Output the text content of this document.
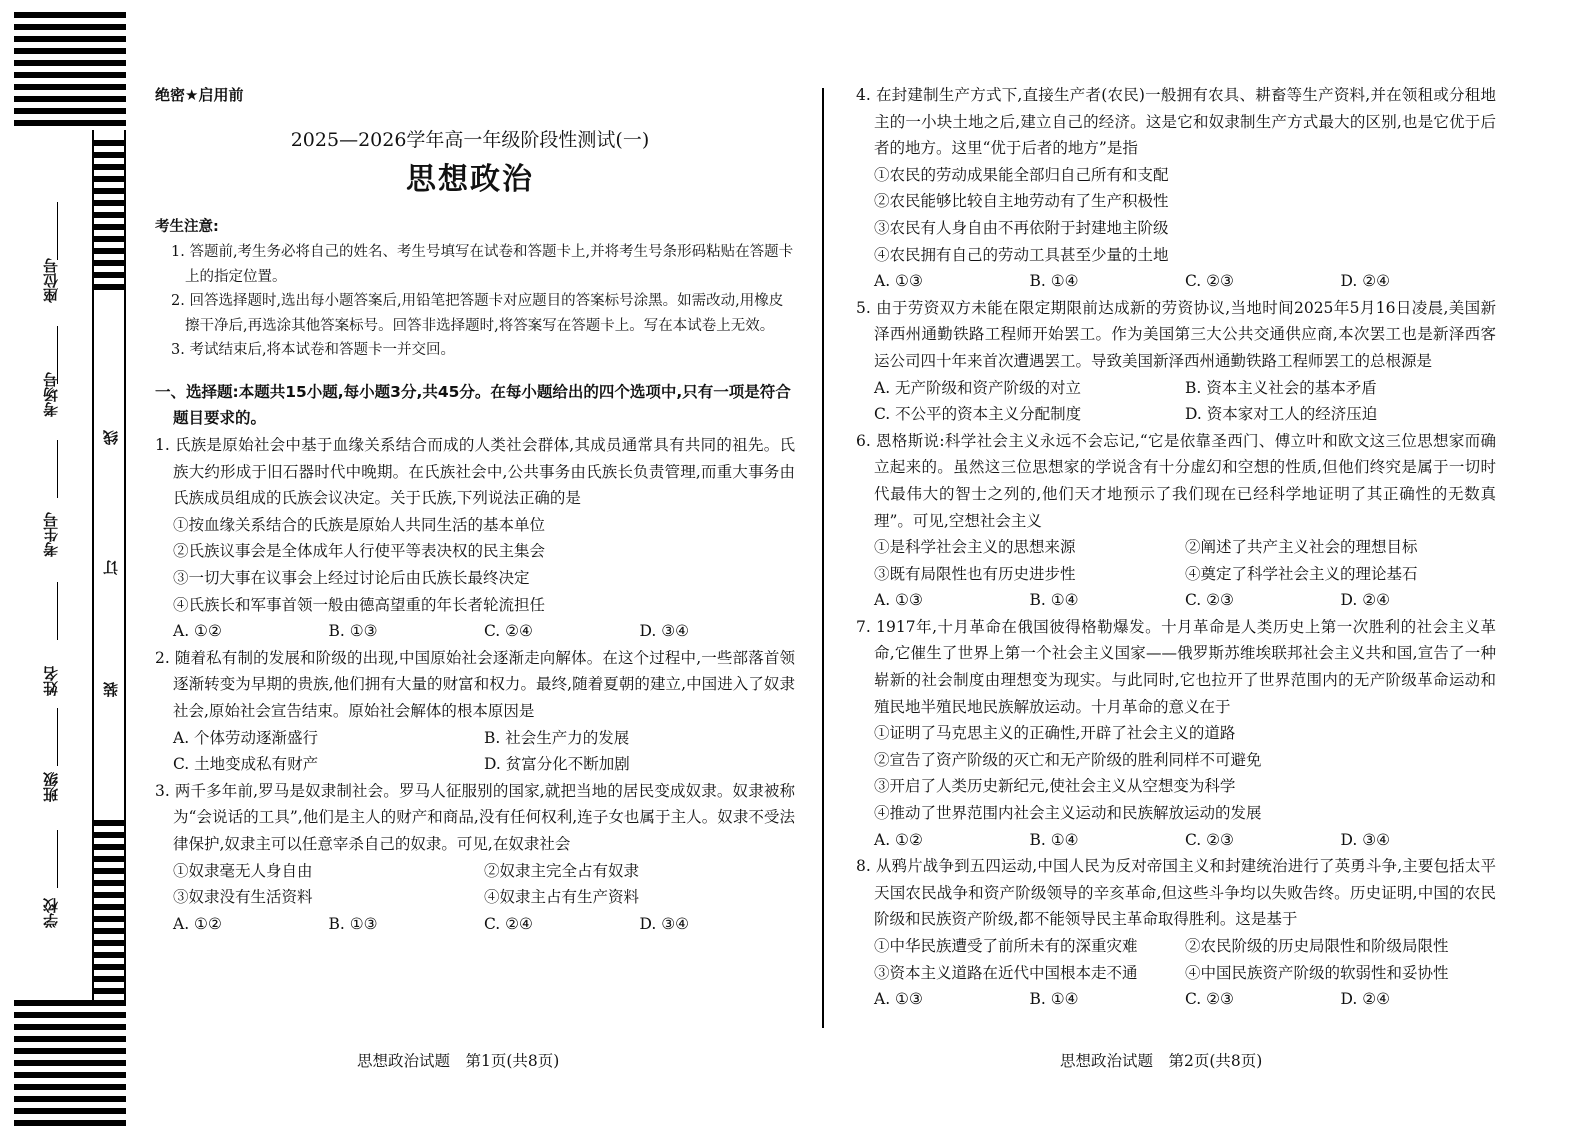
座位号
考场号
考生号
姓名
班级
学校
线
订
装
绝密★启用前
2025—2026学年高一年级阶段性测试(一)
思想政治
考生注意:
1. 答题前,考生务必将自己的姓名、考生号填写在试卷和答题卡上,并将考生号条形码粘贴在答题卡上的指定位置。
2. 回答选择题时,选出每小题答案后,用铅笔把答题卡对应题目的答案标号涂黑。如需改动,用橡皮擦干净后,再选涂其他答案标号。回答非选择题时,将答案写在答题卡上。写在本试卷上无效。
3. 考试结束后,将本试卷和答题卡一并交回。
一、选择题:本题共15小题,每小题3分,共45分。在每小题给出的四个选项中,只有一项是符合题目要求的。
1. 氏族是原始社会中基于血缘关系结合而成的人类社会群体,其成员通常具有共同的祖先。氏族大约形成于旧石器时代中晚期。在氏族社会中,公共事务由氏族长负责管理,而重大事务由氏族成员组成的氏族会议决定。关于氏族,下列说法正确的是
①按血缘关系结合的氏族是原始人共同生活的基本单位
②氏族议事会是全体成年人行使平等表决权的民主集会
③一切大事在议事会上经过讨论后由氏族长最终决定
④氏族长和军事首领一般由德高望重的年长者轮流担任
A. ①②	B. ①③	C. ②④	D. ③④
2. 随着私有制的发展和阶级的出现,中国原始社会逐渐走向解体。在这个过程中,一些部落首领逐渐转变为早期的贵族,他们拥有大量的财富和权力。最终,随着夏朝的建立,中国进入了奴隶社会,原始社会宣告结束。原始社会解体的根本原因是
A. 个体劳动逐渐盛行	B. 社会生产力的发展
C. 土地变成私有财产	D. 贫富分化不断加剧
3. 两千多年前,罗马是奴隶制社会。罗马人征服别的国家,就把当地的居民变成奴隶。奴隶被称为“会说话的工具”,他们是主人的财产和商品,没有任何权利,连子女也属于主人。奴隶不受法律保护,奴隶主可以任意宰杀自己的奴隶。可见,在奴隶社会
①奴隶毫无人身自由	②奴隶主完全占有奴隶
③奴隶没有生活资料	④奴隶主占有生产资料
A. ①②	B. ①③	C. ②④	D. ③④
4. 在封建制生产方式下,直接生产者(农民)一般拥有农具、耕畜等生产资料,并在领租或分租地主的一小块土地之后,建立自己的经济。这是它和奴隶制生产方式最大的区别,也是它优于后者的地方。这里“优于后者的地方”是指
①农民的劳动成果能全部归自己所有和支配
②农民能够比较自主地劳动有了生产积极性
③农民有人身自由不再依附于封建地主阶级
④农民拥有自己的劳动工具甚至少量的土地
A. ①③	B. ①④	C. ②③	D. ②④
5. 由于劳资双方未能在限定期限前达成新的劳资协议,当地时间2025年5月16日凌晨,美国新泽西州通勤铁路工程师开始罢工。作为美国第三大公共交通供应商,本次罢工也是新泽西客运公司四十年来首次遭遇罢工。导致美国新泽西州通勤铁路工程师罢工的总根源是
A. 无产阶级和资产阶级的对立	B. 资本主义社会的基本矛盾
C. 不公平的资本主义分配制度	D. 资本家对工人的经济压迫
6. 恩格斯说:科学社会主义永远不会忘记,“它是依靠圣西门、傅立叶和欧文这三位思想家而确立起来的。虽然这三位思想家的学说含有十分虚幻和空想的性质,但他们终究是属于一切时代最伟大的智士之列的,他们天才地预示了我们现在已经科学地证明了其正确性的无数真理”。可见,空想社会主义
①是科学社会主义的思想来源	②阐述了共产主义社会的理想目标
③既有局限性也有历史进步性	④奠定了科学社会主义的理论基石
A. ①③	B. ①④	C. ②③	D. ②④
7. 1917年,十月革命在俄国彼得格勒爆发。十月革命是人类历史上第一次胜利的社会主义革命,它催生了世界上第一个社会主义国家——俄罗斯苏维埃联邦社会主义共和国,宣告了一种崭新的社会制度由理想变为现实。与此同时,它也拉开了世界范围内的无产阶级革命运动和殖民地半殖民地民族解放运动。十月革命的意义在于
①证明了马克思主义的正确性,开辟了社会主义的道路
②宣告了资产阶级的灭亡和无产阶级的胜利同样不可避免
③开启了人类历史新纪元,使社会主义从空想变为科学
④推动了世界范围内社会主义运动和民族解放运动的发展
A. ①②	B. ①④	C. ②③	D. ③④
8. 从鸦片战争到五四运动,中国人民为反对帝国主义和封建统治进行了英勇斗争,主要包括太平天国农民战争和资产阶级领导的辛亥革命,但这些斗争均以失败告终。历史证明,中国的农民阶级和民族资产阶级,都不能领导民主革命取得胜利。这是基于
①中华民族遭受了前所未有的深重灾难	②农民阶级的历史局限性和阶级局限性
③资本主义道路在近代中国根本走不通	④中国民族资产阶级的软弱性和妥协性
A. ①③	B. ①④	C. ②③	D. ②④
思想政治试题　第1页(共8页)	思想政治试题　第2页(共8页)
